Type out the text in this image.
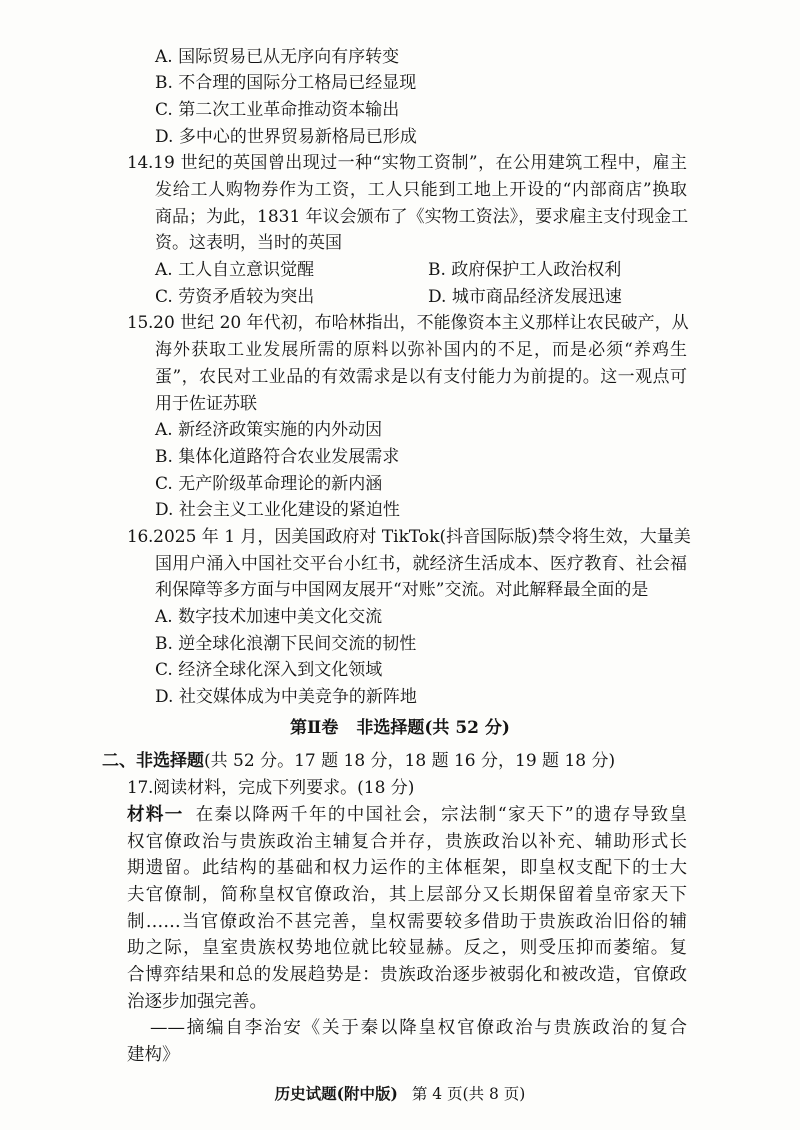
A. 国际贸易已从无序向有序转变
B. 不合理的国际分工格局已经显现
C. 第二次工业革命推动资本输出
D. 多中心的世界贸易新格局已形成
14.19 世纪的英国曾出现过一种“实物工资制”，在公用建筑工程中，雇主
发给工人购物券作为工资，工人只能到工地上开设的“内部商店”换取
商品；为此，1831 年议会颁布了《实物工资法》，要求雇主支付现金工
资。这表明，当时的英国
A. 工人自立意识觉醒	B. 政府保护工人政治权利
C. 劳资矛盾较为突出	D. 城市商品经济发展迅速
15.20 世纪 20 年代初，布哈林指出，不能像资本主义那样让农民破产，从
海外获取工业发展所需的原料以弥补国内的不足，而是必须“养鸡生
蛋”，农民对工业品的有效需求是以有支付能力为前提的。这一观点可
用于佐证苏联
A. 新经济政策实施的内外动因
B. 集体化道路符合农业发展需求
C. 无产阶级革命理论的新内涵
D. 社会主义工业化建设的紧迫性
16.2025 年 1 月，因美国政府对 TikTok(抖音国际版)禁令将生效，大量美
国用户涌入中国社交平台小红书，就经济生活成本、医疗教育、社会福
利保障等多方面与中国网友展开“对账”交流。对此解释最全面的是
A. 数字技术加速中美文化交流
B. 逆全球化浪潮下民间交流的韧性
C. 经济全球化深入到文化领域
D. 社交媒体成为中美竞争的新阵地
第Ⅱ卷 非选择题(共 52 分)
二、非选择题(共 52 分。17 题 18 分，18 题 16 分，19 题 18 分)
17.阅读材料，完成下列要求。(18 分)
材料一 在秦以降两千年的中国社会，宗法制“家天下”的遗存导致皇
权官僚政治与贵族政治主辅复合并存，贵族政治以补充、辅助形式长
期遗留。此结构的基础和权力运作的主体框架，即皇权支配下的士大
夫官僚制，简称皇权官僚政治，其上层部分又长期保留着皇帝家天下
制……当官僚政治不甚完善，皇权需要较多借助于贵族政治旧俗的辅
助之际，皇室贵族权势地位就比较显赫。反之，则受压抑而萎缩。复
合博弈结果和总的发展趋势是：贵族政治逐步被弱化和被改造，官僚政
治逐步加强完善。
——摘编自李治安《关于秦以降皇权官僚政治与贵族政治的复合
建构》
历史试题(附中版) 第 4 页(共 8 页)
